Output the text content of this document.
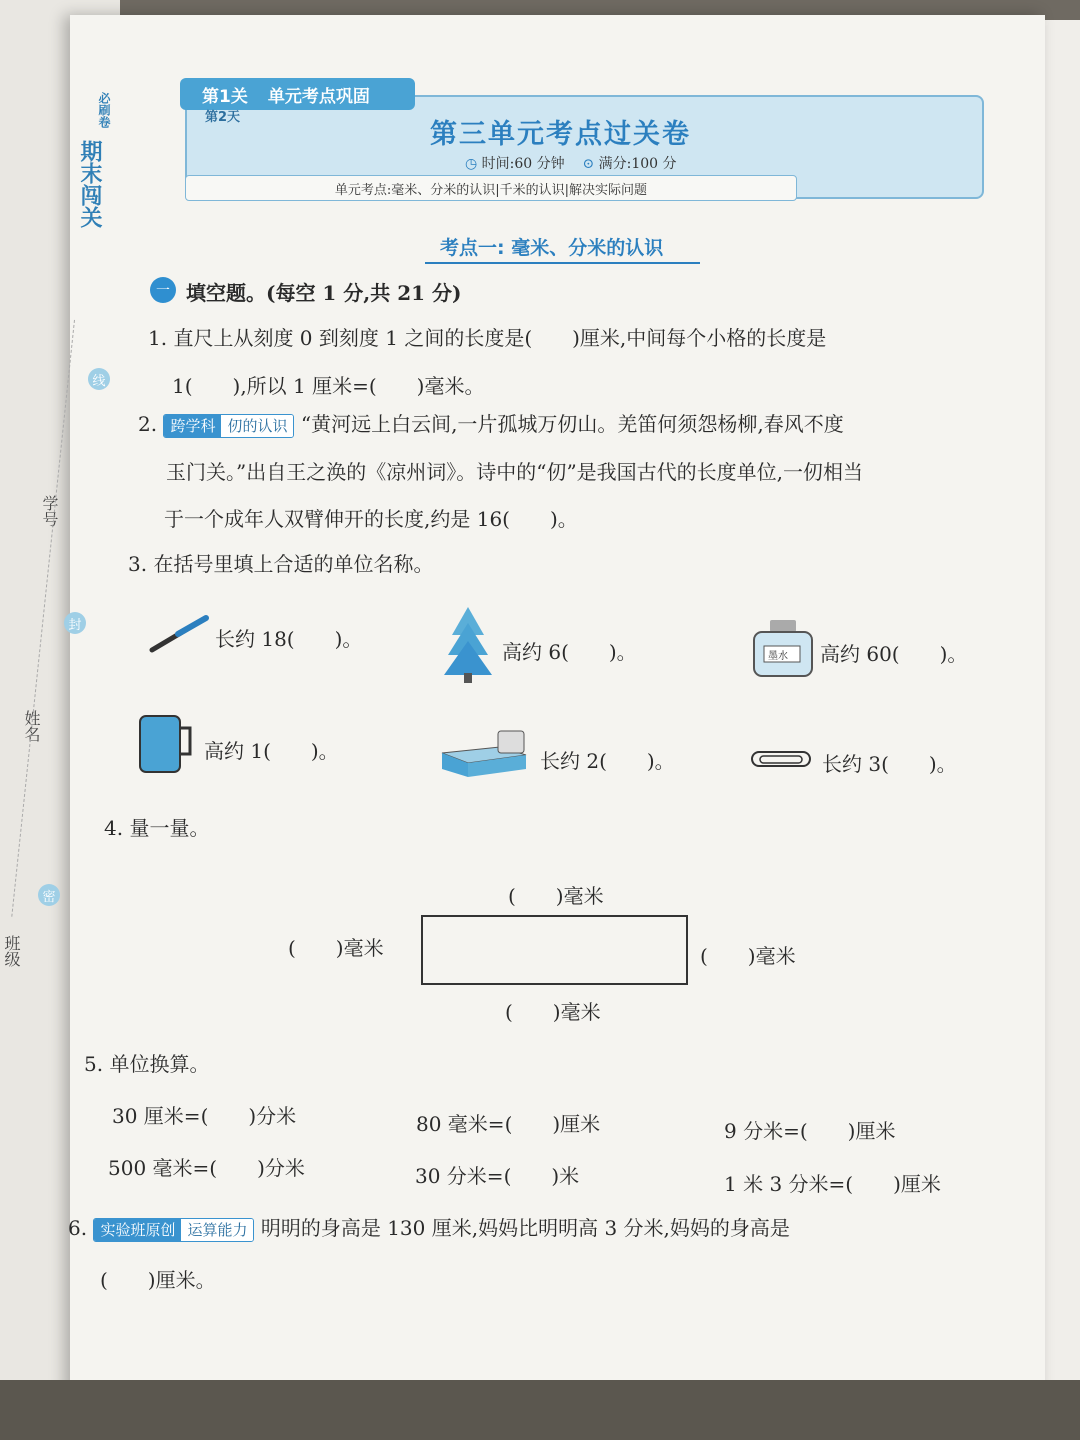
期末闯关
必刷卷
线
封
密
学号
姓名
班级
第1关 单元考点巩固
第2天
第三单元考点过关卷
◷ 时间:60 分钟 ⊙ 满分:100 分
单元考点:毫米、分米的认识|千米的认识|解决实际问题
考点一: 毫米、分米的认识
一 填空题。(每空 1 分,共 21 分)
1. 直尺上从刻度 0 到刻度 1 之间的长度是(　　)厘米,中间每个小格的长度是
1(　　),所以 1 厘米=(　　)毫米。
2. 跨学科 仞的认识 “黄河远上白云间,一片孤城万仞山。羌笛何须怨杨柳,春风不度
玉门关。”出自王之涣的《凉州词》。诗中的“仞”是我国古代的长度单位,一仞相当
于一个成年人双臂伸开的长度,约是 16(　　)。
3. 在括号里填上合适的单位名称。
长约 18(　　)。
高约 6(　　)。	墨水 高约 60(　　)。
高约 1(　　)。	长约 2(　　)。	长约 3(　　)。
4. 量一量。
(　　)毫米
(　　)毫米	(　　)毫米
(　　)毫米
5. 单位换算。
30 厘米=(　　)分米	80 毫米=(　　)厘米	9 分米=(　　)厘米
500 毫米=(　　)分米	30 分米=(　　)米	1 米 3 分米=(　　)厘米
6. 实验班原创 运算能力 明明的身高是 130 厘米,妈妈比明明高 3 分米,妈妈的身高是
(　　)厘米。
